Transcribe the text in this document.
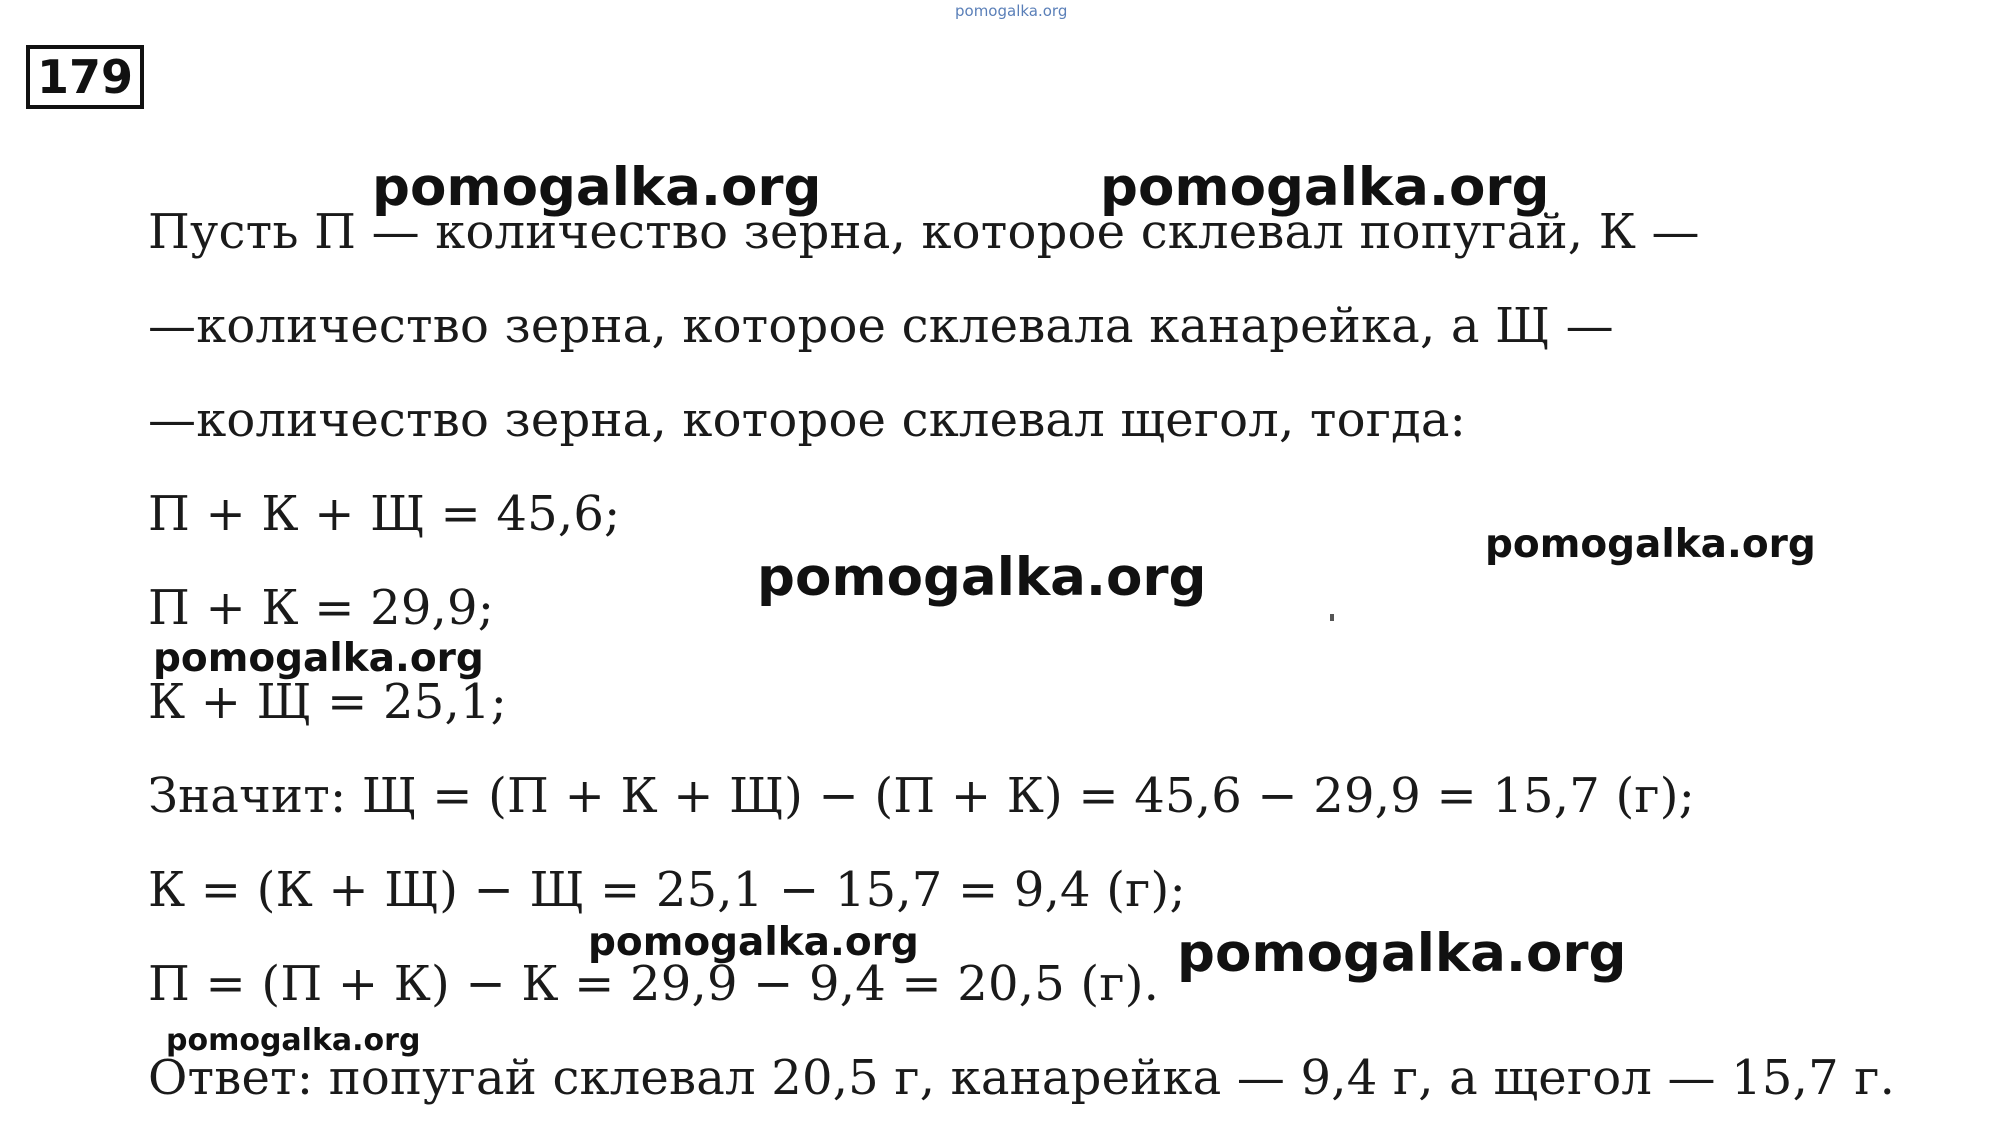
pomogalka.org
179
Пусть П — количество зерна, которое склевал попугай, К —
—количество зерна, которое склевала канарейка, а Щ —
—количество зерна, которое склевал щегол, тогда:
П + К + Щ = 45,6;
П + К = 29,9;
К + Щ = 25,1;
Значит: Щ = (П + К + Щ) − (П + К) = 45,6 − 29,9 = 15,7 (г);
К = (К + Щ) − Щ = 25,1 − 15,7 = 9,4 (г);
П = (П + К) − К = 29,9 − 9,4 = 20,5 (г).
Ответ: попугай склевал 20,5 г, канарейка — 9,4 г, а щегол — 15,7 г.
pomogalka.org	pomogalka.org
pomogalka.org
pomogalka.org
pomogalka.org
pomogalka.org	pomogalka.org
pomogalka.org
